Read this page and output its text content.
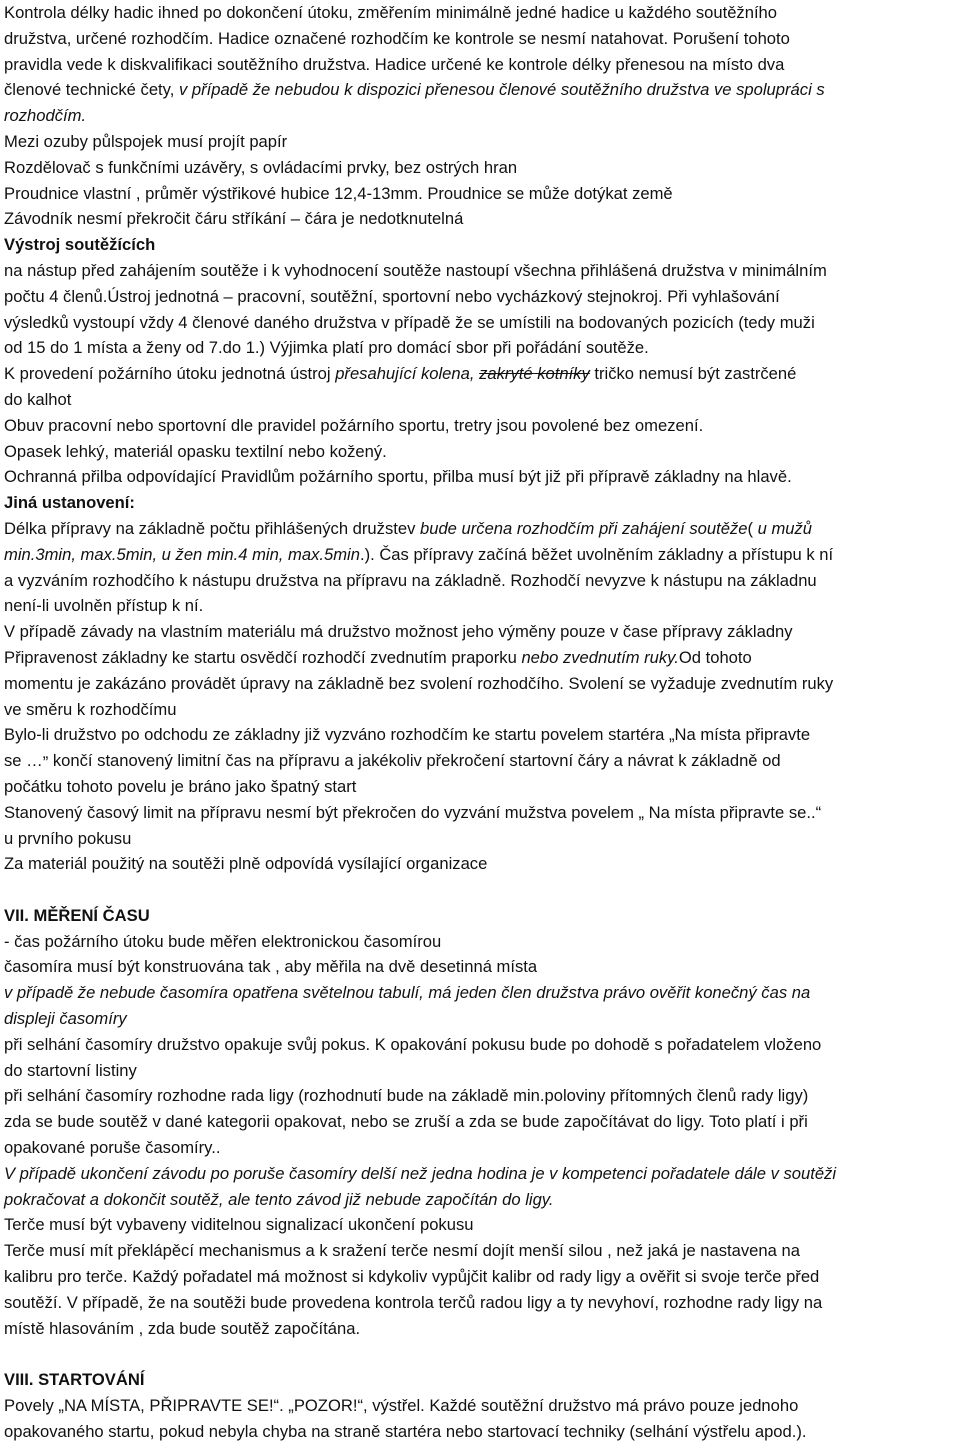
Kontrola délky hadic ihned po dokončení útoku, změřením minimálně jedné hadice u každého soutěžního
družstva, určené rozhodčím. Hadice označené rozhodčím ke kontrole se nesmí natahovat. Porušení tohoto
pravidla vede k diskvalifikaci soutěžního družstva. Hadice určené ke kontrole délky přenesou na místo dva
členové technické čety, v případě že nebudou k dispozici přenesou členové soutěžního družstva ve spolupráci s
rozhodčím.
Mezi ozuby půlspojek musí projít papír
Rozdělovač s funkčními uzávěry, s ovládacími prvky, bez ostrých hran
Proudnice vlastní , průměr výstřikové hubice 12,4-13mm. Proudnice se může dotýkat země
Závodník nesmí překročit čáru stříkání – čára je nedotknutelná
Výstroj soutěžících
na nástup před zahájením soutěže i k vyhodnocení soutěže nastoupí všechna přihlášená družstva v minimálním
počtu 4 členů.Ústroj jednotná – pracovní, soutěžní, sportovní nebo vycházkový stejnokroj. Při vyhlašování
výsledků vystoupí vždy 4 členové daného družstva v případě že se umístili na bodovaných pozicích (tedy muži
od 15 do 1 místa a ženy od 7.do 1.) Výjimka platí pro domácí sbor při pořádání soutěže.
K provedení požárního útoku jednotná ústroj přesahující kolena, zakryté kotníky tričko nemusí být zastrčené
do kalhot
Obuv pracovní nebo sportovní dle pravidel požárního sportu, tretry jsou povolené bez omezení.
Opasek lehký, materiál opasku textilní nebo kožený.
Ochranná přilba odpovídající Pravidlům požárního sportu, přilba musí být již při přípravě základny na hlavě.
Jiná ustanovení:
Délka přípravy na základně počtu přihlášených družstev bude určena rozhodčím při zahájení soutěže( u mužů
min.3min, max.5min, u žen min.4 min, max.5min.). Čas přípravy začíná běžet uvolněním základny a přístupu k ní
a vyzváním rozhodčího k nástupu družstva na přípravu na základně. Rozhodčí nevyzve k nástupu na základnu
není-li uvolněn přístup k ní.
V případě závady na vlastním materiálu má družstvo možnost jeho výměny pouze v čase přípravy základny
Připravenost základny ke startu osvědčí rozhodčí zvednutím praporku nebo zvednutím ruky.Od tohoto
momentu je zakázáno provádět úpravy na základně bez svolení rozhodčího. Svolení se vyžaduje zvednutím ruky
ve směru k rozhodčímu
Bylo-li družstvo po odchodu ze základny již vyzváno rozhodčím ke startu povelem startéra „Na místa připravte
se …„ končí stanovený limitní čas na přípravu a jakékoliv překročení startovní čáry a návrat k základně od
počátku tohoto povelu je bráno jako špatný start
Stanovený časový limit na přípravu nesmí být překročen do vyzvání mužstva povelem „ Na místa připravte se..“
u prvního pokusu
Za materiál použitý na soutěži plně odpovídá vysílající organizace
VII. MĚŘENÍ ČASU
- čas požárního útoku bude měřen elektronickou časomírou
časomíra musí být konstruována tak , aby měřila na dvě desetinná místa
v případě že nebude časomíra opatřena světelnou tabulí, má jeden člen družstva právo ověřit konečný čas na
displeji časomíry
při selhání časomíry družstvo opakuje svůj pokus. K opakování pokusu bude po dohodě s pořadatelem vloženo
do startovní listiny
při selhání časomíry rozhodne rada ligy (rozhodnutí bude na základě min.poloviny přítomných členů rady ligy)
zda se bude soutěž v dané kategorii opakovat, nebo se zruší a zda se bude započítávat do ligy. Toto platí i při
opakované poruše časomíry..
V případě ukončení závodu po poruše časomíry delší než jedna hodina je v kompetenci pořadatele dále v soutěži
pokračovat a dokončit soutěž, ale tento závod již nebude započítán do ligy.
Terče musí být vybaveny viditelnou signalizací ukončení pokusu
Terče musí mít překlápěcí mechanismus a k sražení terče nesmí dojít menší silou , než jaká je nastavena na
kalibru pro terče. Každý pořadatel má možnost si kdykoliv vypůjčit kalibr od rady ligy a ověřit si svoje terče před
soutěží. V případě, že na soutěži bude provedena kontrola terčů radou ligy a ty nevyhoví, rozhodne rady ligy na
místě hlasováním , zda bude soutěž započítána.
VIII. STARTOVÁNÍ
Povely „NA MÍSTA, PŘIPRAVTE SE!“. „POZOR!“, výstřel. Každé soutěžní družstvo má právo pouze jednoho
opakovaného startu, pokud nebyla chyba na straně startéra nebo startovací techniky (selhání výstřelu apod.).
